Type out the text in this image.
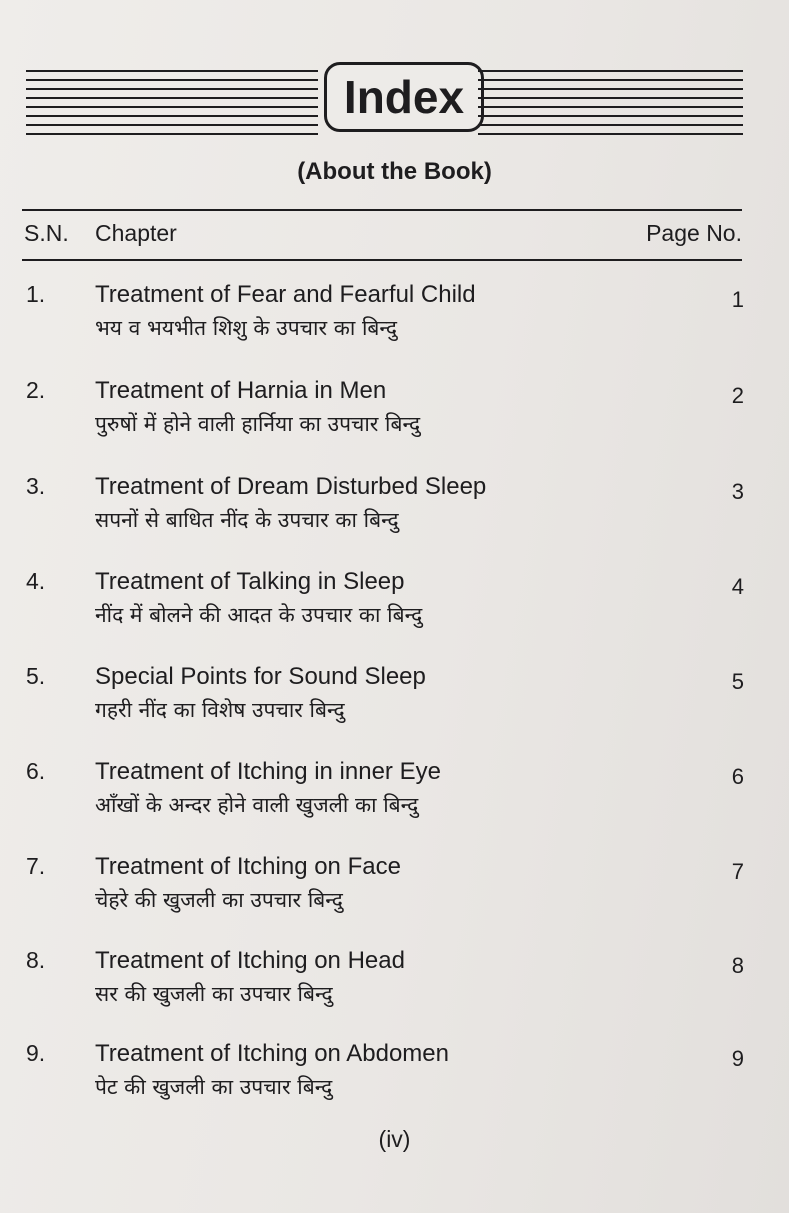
Index
(About the Book)
S.N. Chapter	Page No.
1. Treatment of Fear and Fearful Child
भय व भयभीत शिशु के उपचार का बिन्दु
1
2. Treatment of Harnia in Men
पुरुषों में होने वाली हार्निया का उपचार बिन्दु
2
3. Treatment of Dream Disturbed Sleep
सपनों से बाधित नींद के उपचार का बिन्दु
3
4. Treatment of Talking in Sleep
नींद में बोलने की आदत के उपचार का बिन्दु
4
5. Special Points for Sound Sleep
गहरी नींद का विशेष उपचार बिन्दु
5
6. Treatment of Itching in inner Eye
आँखों के अन्दर होने वाली खुजली का बिन्दु
6
7. Treatment of Itching on Face
चेहरे की खुजली का उपचार बिन्दु
7
8. Treatment of Itching on Head
सर की खुजली का उपचार बिन्दु
8
9. Treatment of Itching on Abdomen
पेट की खुजली का उपचार बिन्दु
9
(iv)
